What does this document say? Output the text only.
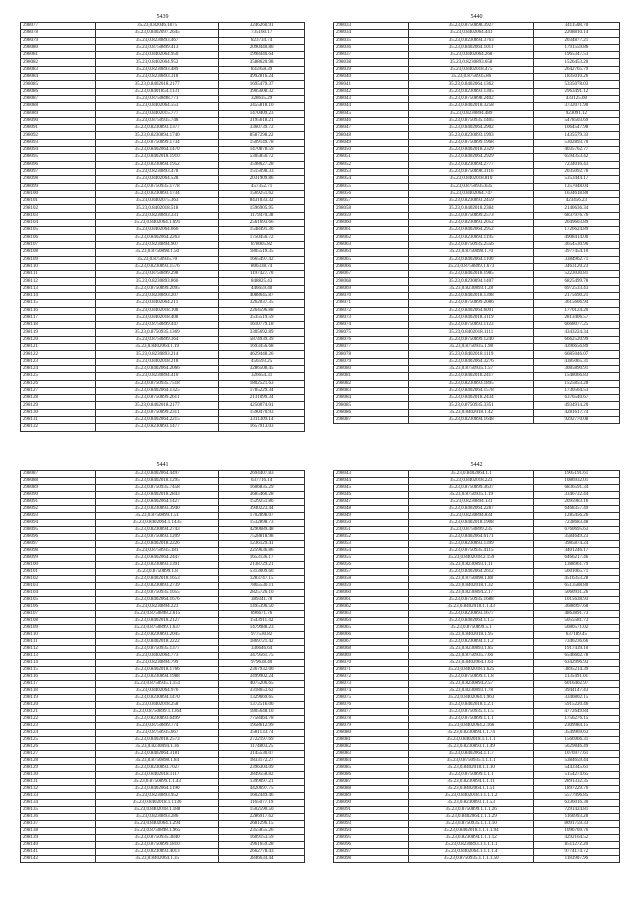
5439
298077	35.23,0.82046.1875	3246260.91
298078	35.23,0.8402097.2645	735160.17
298079	35.23,0.8230893.467	823734.74
298080	35.23,0.8750899.413	2090440.80
298081	35.23,0.8402064.950	1998440.64
298082	35.23,0.8402064.952	3588620.98
298083	35.23,0.8230893.489	835958.39
298084	35.23,0.8230893.318	4992816.24
298085	35.23,0.8402018.2177	1695479.37
298086	35.23,0.8401854.1131	3905608.32
298087	35.23,0.8750898.771	328635.29
298088	35.23,0.8402064.553	3455818.10
298089	35.23,0.8402015.777	1470409.23
298090	35.23,0.8750935.748	3195618.21
298091	35.23,0.8230893.1377	3360739.72
298092	35.23,0.8230894.1740	8587298.22
298093	35.23,0.8750899.1734	1509149.78
298094	35.23,0.8402064.1470	1470878.59
298095	35.23,0.8402018.1910	5305856.72
298096	35.23,0.8230894.1952	3598627.28
298097	35.23,0.8230893.478	1515098.33
298098	35.23,0.8402064.528	2031909.86
298099	35.23,0.8750935.1778	457352.71
298100	35.23,0.8230893.1734	1569251.62
298101	35.23,0.8402075.363	8431033.32
298102	35.23,0.8402018.518	1596905.95
298103	35.23,0.8230893.331	1179470.38
298104	35.23,0.8402064.1.691	2561693.66
298105	35.23,0.8402064.666	1548491.36
298106	35.23,0.8402064.2263	1750456.72
298107	35.23,0.8230894.907	878005.82
298108	35.23,0.8750898.1.50	1805519.35
298109	35.23,0.8750935.70	1665497.42
298110	35.23,0.8230893.1576	806338.74
298111	35.23,0.8750899.298	1197427.70
298112	35.23,0.8230893.866	848825.43
298113	35.23,0.8750899.2095	446659.40
298114	35.23,0.8230893.207	4088645.87
298115	35.23,0.8402064.211	3262037.35
298116	35.23,0.8402018.108	2264596.88
298117	35.23,0.8402018.408	3535519.59
298118	35.23,0.8750899.447	1610779.18
298119	35.23,0.8750935.1369	3305692.89
298120	35.23,0.8750899.364	5874939.39
298121	35.23,0.8402064.1.19	1693456.68
298122	35.23,0.8230893.214	4629448.26
298123	35.23,0.8402018.218	456593.25
298124	35.23,0.8402064.2066	3286508.45
298125	35.23,0.8230894.410	326654.31
298126	35.23,0.8750935.7518	1802521.63
298127	35.23,0.8402064.1325	1785229.34
298128	35.23,0.8750899.2611	2131099.34
298129	35.23,0.8402018.2177	4250074.01
298130	35.23,0.8750899.2311	1590470.93
298131	35.23,0.8402064.2215	3311309.14
298132	35.23,0.8230893.1477	1657913.03
5440
298033	35.23,0.8750898.3927	3411508.78
298034	35.23,0.8402064.441	2208810.14
298035	35.23,0.8230894.3763	2034877.21
298036	35.23,0.8402064.1011	1791559.86
298037	35.23,0.8402064.268	1965347.53
298038	35.23,0.8230893.658	1526453.20
298039	35.23,0.8402018.475	2642765.79
298040	35.23,0.8750935.86	1835010.26
298041	35.23,0.8402064.1362	5335078.03
298042	35.23,0.8230893.1305	2963491.12
298043	35.23,0.8750898.2402	433125.60
298044	35.23,0.8402018.3258	3732071.90
298045	35.23,0.8230894.489	923091.12
298046	35.23,0.8750935.1405	5478503.69
298047	35.23,0.8402064.2902	1064547.98
298048	35.23,0.8230893.1993	1435579.33
298049	35.23,0.8750899.1968	5302893.70
298050	35.23,0.8402018.2329	4035762.77
298051	35.23,0.8402064.2929	6594353.42
298052	35.23,0.8230894.2777	7234016.43
298053	35.23,0.8750898.3116	2035092.78
298054	35.23,0.8402018.810	5353444.17
298055	35.23,0.8750935.635	1357048.04
298056	35.23,0.8402064.747	1634618.80
298057	35.23,0.8230893.2459	423456.23
298058	35.23,0.8402018.2384	2140636.34
298059	35.23,0.8750899.2573	6837976.76
298060	35.23,0.8230893.2052	2049603.89
298061	35.23,0.8402064.2952	1726624.89
298062	35.23,0.8230894.1195	4908414.00
298063	35.23,0.8750935.2556	3654530.96
298064	35.23,0.8750898.1.70	3977454.10
298065	35.23,0.8402064.1100	3384962.71
298066	35.23,0.8750899.1.673	3463120.23
298067	35.23,0.8402018.1985	5223030.81
298068	35.23,0.8230894.1407	6825499.78
298069	35.23,0.8230893.1.28	6972533.43
298070	35.23,0.8402018.1398	2175690.21
298071	35.23,0.8750899.2086	3615606.94
298072	35.23,0.8402064.6091	1770124.20
298073	35.23,0.8402018.3119	2813406.57
298074	35.23,0.8750893.1123	6668077.25
298075	35.23,0.8402018.1111	4343224.34
298076	35.23,0.8750899.1240	6662520.99
298077	35.23,0.8750935.1.98	4396656.89
298078	35.23,0.8402018.1119	6685046.07
298079	35.23,0.8402064.3276	4385065.31
298080	35.23,0.8750935.1.57	3085890.91
298081	35.23,0.8402018.2417	1548066.83
298082	35.23,0.8230893.1895	1525853.28
298083	35.23,0.8402064.1578	1730564.53
298084	35.23,0.8402018.2434	6376540.67
298085	35.23,0.8750935.3351	4934914.20
298086	35.23,0.8402018.1.42	4281617.74
298087	35.23,0.8230894.1648	9292770.08
5441
298087	35.23,0.8402064.4497	2694407.83
298088	35.23,0.8402018.1295	637716.14
298089	35.23,0.8750935.7458	1606835.29
298090	35.23,0.8402018.2843	3685466.28
298091	35.23,0.8402064.1427	1529251.86
298092	35.23,0.8230893.3940	3940223.44
298093	35.23,0.8750899.1.51	1702898.07
298094	35.23,0.8402064.1.1435	1532898.73
298095	35.23,0.8230894.2743	4290689.48
298096	35.23,0.8750893.1209	7528818.98
298097	35.23,0.8402018.2226	1236129.41
298098	35.23,0.8750935.181	2259636.86
298099	35.23,0.8402064.2447	1653136.17
298100	35.23,0.8230893.1391	2138729.21
298101	35.23,0.8750899.1.8	5313009.60
298102	35.23,0.8402018.1653	1283747.15
298103	35.23,0.8230893.2739	7865530.11
298104	35.23,0.8750935.1055	2825726.10
298105	35.23,0.8402064.1676	389341.78
298106	35.23,0.8230894.223	1495396.50
298107	35.23,0.8750898.2.615	896671.76
298108	35.23,0.8402018.2127	1543911.42
298109	35.23,0.8750899.1.637	1479988.23
298110	35.23,0.8230893.2045	977530.82
298111	35.23,0.8402018.2222	1869721.42
298112	35.23,0.8750935.1377	336646.64
298113	35.23,0.8402064.773	3479561.75
298114	35.23,0.8230894.799	979638.40
298115	35.23,0.8402018.1766	2367932.00
298116	35.23,0.8230894.1988	3499902.24
298117	35.23,0.8750935.1.151	4075206.65
298118	35.23,0.8402064.976	3318653.62
298119	35.23,0.8230894.1470	1329669.65
298120	35.23,0.8402018.258	1372516.06
298121	35.23,0.8750899.1.1364	1805648.10
298122	35.23,0.8230893.6499	7758464.78
298123	35.23,0.8750899.774	1958612.99
298124	35.23,0.8750935.667	3581133.74
298125	35.23,0.8402018.2573	2722197.69
298126	35.23,0.8230894.1.36	1174803.25
298127	35.23,0.8402064.3181	3145530.07
298128	35.23,0.8750898.1.84	1833172.27
298129	35.23,0.8230893.7027	2396304.09
298130	35.23,0.8402018.1117	3849558.82
298131	35.23,0.8750899.1.1.43	1399097.21
298132	35.23,0.8402064.1190	4420697.75
298133	35.23,0.8230893.952	1602449.46
298134	35.23,0.8402018.1.1136	1165077.19
298135	35.23,0.8402018.1.188	1502590.50
298136	35.23,0.8230893.286	2286917.62
298137	35.23,0.8402064.1.294	2681296.15
298138	35.23,0.8750898.1.965	2355855.26
298139	35.23,0.8750935.3840	1609153.59
298140	35.23,0.8750899.1810	3961659.28
298141	35.23,0.8230893.4013	2662778.43
298142	35.23,0.8402064.1.35	3846634.44
5442
298043	35.23,0.8402064.1.1	1905191.61
298044	35.23,0.8402018.223	1086932.01
298045	35.23,0.8750899.3637	6836591.34
298046	35.23,0.8750935.1.19	3346732.44
298047	35.23,0.8230894.131	2095983.16
298048	35.23,0.8402064.2287	6468357.49
298049	35.23,0.8230894.834	1285456.26
298050	35.23,0.8402018.1908	7238683.48
298051	35.23,0.8750899.235	6760695.63
298052	35.23,0.8402064.6171	3584649.23
298053	35.23,0.8230893.1399	3985874.24
298054	35.23,0.8750935.4115	3401246.17
298055	35.23,0.8402018.2.159	6466217.46
298056	35.23,0.8230893.1.11	1388961.79
298057	35.23,0.8402064.2612	5601065.71
298058	35.23,0.8750898.1.88	4516353.28
298059	35.23,0.8402018.1.32	6513588.80
298060	35.23,0.8230894.2.17	5060931.26
298061	35.23,0.8750935.1688	1015638.93
298062	35.23,0.8402018.1.1.43	3688997.68
298063	35.23,0.8230893.1677	4863891.73
298064	35.23,0.8402064.1.1.5	5055581.73
298065	35.23,0.8750899.5.1	5680571.02
298066	35.23,0.8402018.1.95	637189.45
298067	35.23,0.8230894.1.1.2	7346236.66
298068	35.23,0.8230893.1.85	1917439.10
298069	35.23,0.8750935.7.66	6546602.78
298070	35.23,0.8402064.1.64	6342996.93
298071	35.23,0.8402018.1.625	3895214.39
298072	35.23,0.8750899.1.1.8	1135491.01
298073	35.23,0.8230894.2.57	6016402.97
298074	35.23,0.8230893.1.78	3944147.43
298075	35.23,0.8402064.1.963	3346802.15
298076	35.23,0.8402018.1.2.1	5915220.46
298077	35.23,0.8750935.1.1.5	4772649.84
298078	35.23,0.8750899.1.1.1	1756276.15
298079	35.23,0.8402064.2.166	2309984.15
298080	35.23,0.8230894.1.1.74	3549969.63
298081	35.23,0.8402018.1.1.1.1	1566966.31
298082	35.23,0.8230893.1.1.49	5629846.49
298083	35.23,0.8402064.1.1.7	1076977.61
298084	35.23,0.8750935.1.1.1.1	5384659.44
298085	35.23,0.8402018.1.1.10	5443345.61
298086	35.23,0.8750899.1.1.1	5154274.65
298087	35.23,0.8230894.1.1.11	2891332.35
298088	35.23,0.8402064.1.1.51	1897229.76
298089	35.23,0.8402018.1.1.1.1.2	5577996.85
298090	35.23,0.8230893.1.1.53	6336016.30
298091	35.23,0.8750899.1.1.1.26	7291424.81
298092	35.23,0.8402064.1.1.1.29	1166993.28
298093	35.23,0.8750935.1.1.1.10	8091759.33
298094	35.23,0.8402018.1.1.1.1.94	1096769.76
298095	35.23,0.8230894.1.1.1.12	4292164.52
298096	35.23,0.8230893.1.1.1.1.1	8511272.20
298097	35.23,0.8402064.1.1.1.1.4	9774174.72
298098	35.23,0.8750935.1.1.1.1.50	1183907.96
